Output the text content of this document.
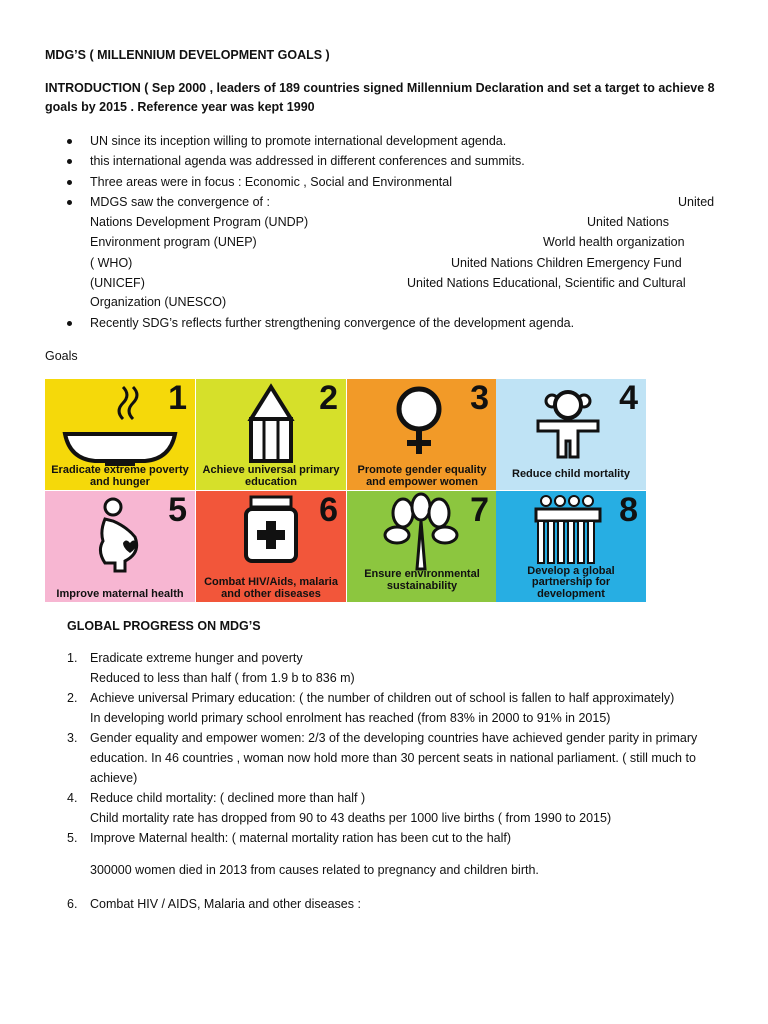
MDG’S ( MILLENNIUM DEVELOPMENT GOALS )
INTRODUCTION ( Sep 2000 , leaders of 189 countries signed Millennium Declaration and set a target to achieve 8
goals by 2015 . Reference year was kept 1990
UN since its inception willing to promote international development agenda.
this international agenda was addressed in different conferences and summits.
Three areas were in focus : Economic , Social and Environmental
MDGS saw the convergence of :	United
Nations Development Program (UNDP)	United Nations
Environment program (UNEP)	World health organization
( WHO)	United Nations Children Emergency Fund
(UNICEF)	United Nations Educational, Scientific and Cultural
Organization (UNESCO)
Recently SDG’s reflects further strengthening convergence of the development agenda.
Goals
1
Eradicate extreme poverty and hunger
2
Achieve universal primary education
3
Promote gender equality and empower women
4
Reduce child mortality
5
Improve maternal health
6
Combat HIV/Aids, malaria and other diseases
7
Ensure environmental sustainability
8
Develop a global partnership for development
GLOBAL PROGRESS ON MDG’S
1. Eradicate extreme hunger and poverty
Reduced to less than half ( from 1.9 b to 836 m)
2. Achieve universal Primary education: ( the number of children out of school is fallen to half approximately)
In developing world primary school enrolment has reached (from 83% in 2000 to 91% in 2015)
3. Gender equality and empower women: 2/3 of the developing countries have achieved gender parity in primary
education. In 46 countries , woman now hold more than 30 percent seats in national parliament. ( still much to
achieve)
4. Reduce child mortality: ( declined more than half )
Child mortality rate has dropped from 90 to 43 deaths per 1000 live births ( from 1990 to 2015)
5. Improve Maternal health: ( maternal mortality ration has been cut to the half)
300000 women died in 2013 from causes related to pregnancy and children birth.
6. Combat HIV / AIDS, Malaria and other diseases :
